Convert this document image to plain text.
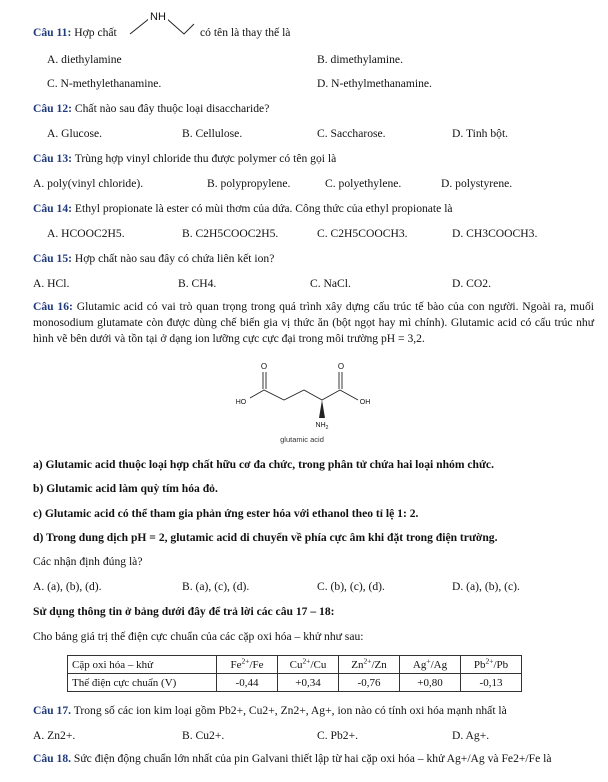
NH
Câu 11: Hợp chất	có tên là thay thế là
A. diethylamine	B. dimethylamine.
C. N-methylethanamine.	D. N-ethylmethanamine.
Câu 12: Chất nào sau đây thuộc loại disaccharide?
A. Glucose.	B. Cellulose.	C. Saccharose.	D. Tinh bột.
Câu 13: Trùng hợp vinyl chloride thu được polymer có tên gọi là
A. poly(vinyl chloride).	B. polypropylene.	C. polyethylene.	D. polystyrene.
Câu 14: Ethyl propionate là ester có mùi thơm của dứa. Công thức của ethyl propionate là
A. HCOOC2H5.	B. C2H5COOC2H5.	C. C2H5COOCH3.	D. CH3COOCH3.
Câu 15: Hợp chất nào sau đây có chứa liên kết ion?
A. HCl.	B. CH4.	C. NaCl.	D. CO2.
Câu 16: Glutamic acid có vai trò quan trọng trong quá trình xây dựng cấu trúc tế bào của con người. Ngoài ra, muối monosodium glutamate còn được dùng chế biến gia vị thức ăn (bột ngọt hay mì chính). Glutamic acid có cấu trúc như hình vẽ bên dưới và tồn tại ở dạng ion lưỡng cực cực đại trong môi trường pH = 3,2.
O	O
HO	OH
$NH_2$
glutamic acid
a) Glutamic acid thuộc loại hợp chất hữu cơ đa chức, trong phân tử chứa hai loại nhóm chức.
b) Glutamic acid làm quỳ tím hóa đỏ.
c) Glutamic acid có thể tham gia phản ứng ester hóa với ethanol theo tỉ lệ 1: 2.
d) Trong dung dịch pH = 2, glutamic acid di chuyển về phía cực âm khi đặt trong điện trường.
Các nhận định đúng là?
A. (a), (b), (d).	B. (a), (c), (d).	C. (b), (c), (d).	D. (a), (b), (c).
Sử dụng thông tin ở bảng dưới đây để trả lời các câu 17 – 18:
Cho bảng giá trị thế điện cực chuẩn của các cặp oxi hóa – khử như sau:
Cặp oxi hóa – khử	$Fe^{2+}/Fe$	$Cu^{2+}/Cu$	$Zn^{2+}/Zn$	Ag+/Ag	$Pb^{2+}/Pb$
Thế điện cực chuẩn (V)	-0,44	+0,34	-0,76	+0,80	-0,13
Câu 17. Trong số các ion kim loại gồm Pb2+, Cu2+, Zn2+, Ag+, ion nào có tính oxi hóa mạnh nhất là
A. Zn2+.	B. Cu2+.	C. Pb2+.	D. Ag+.
Câu 18. Sức điện động chuẩn lớn nhất của pin Galvani thiết lập từ hai cặp oxi hóa – khử Ag+/Ag và Fe2+/Fe là
